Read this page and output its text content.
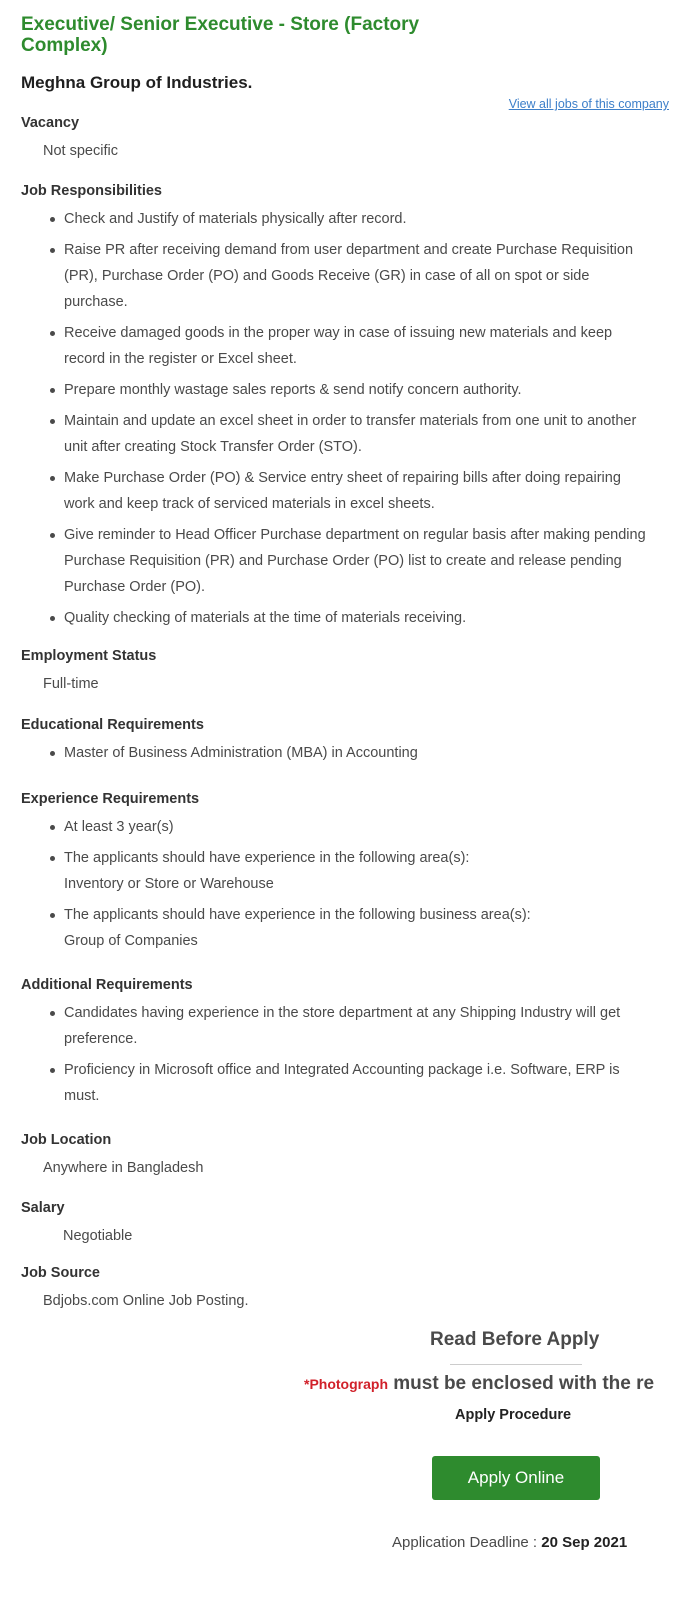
Executive/ Senior Executive - Store (Factory Complex)
Meghna Group of Industries.
View all jobs of this company
Vacancy

Not specific

Job Responsibilities
Check and Justify of materials physically after record.
Raise PR after receiving demand from user department and create Purchase Requisition (PR), Purchase Order (PO) and Goods Receive (GR) in case of all on spot or side purchase.
Receive damaged goods in the proper way in case of issuing new materials and keep record in the register or Excel sheet.
Prepare monthly wastage sales reports & send notify concern authority.
Maintain and update an excel sheet in order to transfer materials from one unit to another unit after creating Stock Transfer Order (STO).
Make Purchase Order (PO) & Service entry sheet of repairing bills after doing repairing work and keep track of serviced materials in excel sheets.
Give reminder to Head Officer Purchase department on regular basis after making pending Purchase Requisition (PR) and Purchase Order (PO) list to create and release pending Purchase Order (PO).
Quality checking of materials at the time of materials receiving.
Employment Status

Full-time

Educational Requirements
Master of Business Administration (MBA) in Accounting
Experience Requirements
At least 3 year(s)
The applicants should have experience in the following area(s):
Inventory or Store or Warehouse
The applicants should have experience in the following business area(s):
Group of Companies
Additional Requirements
Candidates having experience in the store department at any Shipping Industry will get preference.
Proficiency in Microsoft office and Integrated Accounting package i.e. Software, ERP is must.
Job Location

Anywhere in Bangladesh

Salary

Negotiable

Job Source

Bdjobs.com Online Job Posting.

Read Before Apply
*Photograph must be enclosed with the re
Apply Procedure
Apply Online

Application Deadline : 20 Sep 2021
